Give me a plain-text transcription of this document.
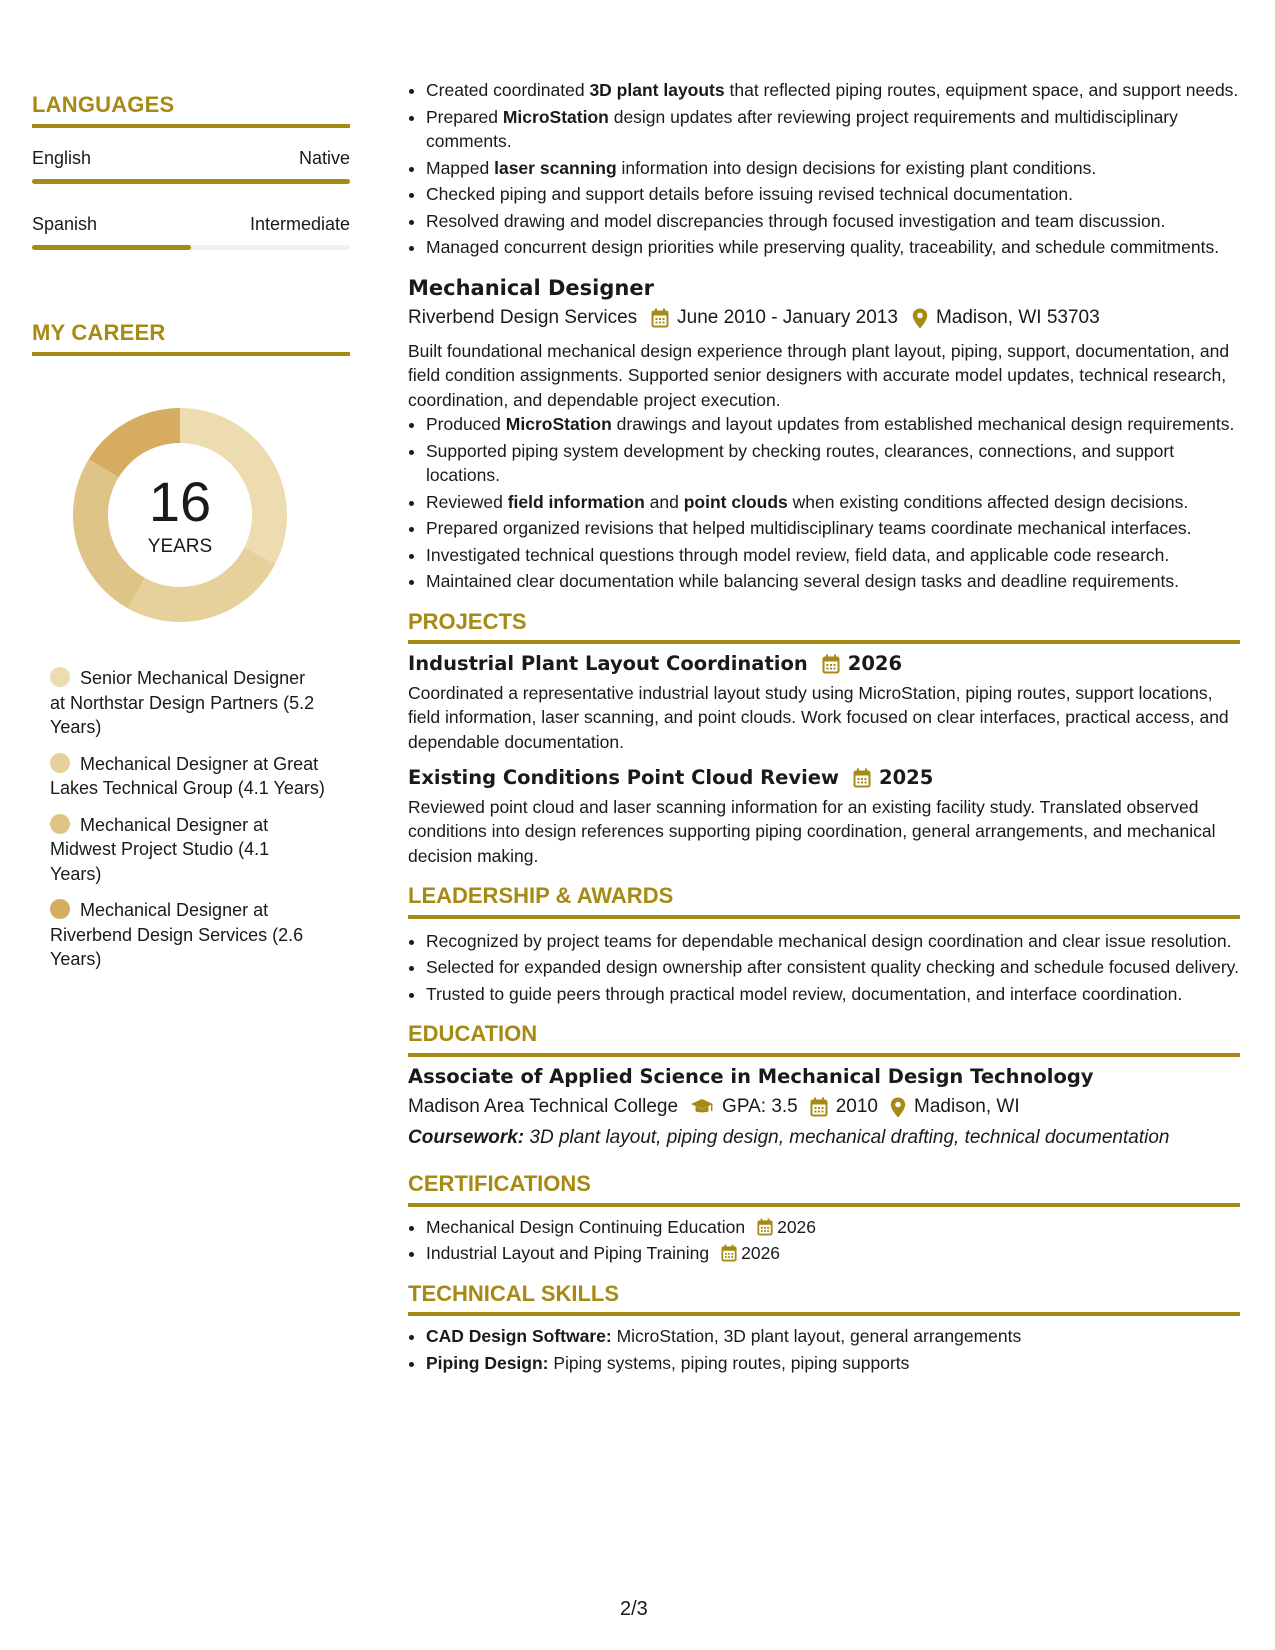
LANGUAGES
English	Native
Spanish	Intermediate
MY CAREER
16
YEARS
Senior Mechanical Designer at Northstar Design Partners (5.2 Years)
Mechanical Designer at Great Lakes Technical Group (4.1 Years)
Mechanical Designer at Midwest Project Studio (4.1 Years)
Mechanical Designer at Riverbend Design Services (2.6 Years)
• Created coordinated 3D plant layouts that reflected piping routes, equipment space, and support needs.
• Prepared MicroStation design updates after reviewing project requirements and multidisciplinary comments.
• Mapped laser scanning information into design decisions for existing plant conditions.
• Checked piping and support details before issuing revised technical documentation.
• Resolved drawing and model discrepancies through focused investigation and team discussion.
• Managed concurrent design priorities while preserving quality, traceability, and schedule commitments.
Mechanical Designer
Riverbend Design Services June 2010 - January 2013 Madison, WI 53703
Built foundational mechanical design experience through plant layout, piping, support, documentation, and field condition assignments. Supported senior designers with accurate model updates, technical research, coordination, and dependable project execution.
• Produced MicroStation drawings and layout updates from established mechanical design requirements.
• Supported piping system development by checking routes, clearances, connections, and support locations.
• Reviewed field information and point clouds when existing conditions affected design decisions.
• Prepared organized revisions that helped multidisciplinary teams coordinate mechanical interfaces.
• Investigated technical questions through model review, field data, and applicable code research.
• Maintained clear documentation while balancing several design tasks and deadline requirements.
PROJECTS
Industrial Plant Layout Coordination 2026
Coordinated a representative industrial layout study using MicroStation, piping routes, support locations, field information, laser scanning, and point clouds. Work focused on clear interfaces, practical access, and dependable documentation.
Existing Conditions Point Cloud Review 2025
Reviewed point cloud and laser scanning information for an existing facility study. Translated observed conditions into design references supporting piping coordination, general arrangements, and mechanical decision making.
LEADERSHIP & AWARDS
• Recognized by project teams for dependable mechanical design coordination and clear issue resolution.
• Selected for expanded design ownership after consistent quality checking and schedule focused delivery.
• Trusted to guide peers through practical model review, documentation, and interface coordination.
EDUCATION
Associate of Applied Science in Mechanical Design Technology
Madison Area Technical College GPA: 3.5 2010 Madison, WI
Coursework: 3D plant layout, piping design, mechanical drafting, technical documentation
CERTIFICATIONS
• Mechanical Design Continuing Education 2026
• Industrial Layout and Piping Training 2026
TECHNICAL SKILLS
• CAD Design Software: MicroStation, 3D plant layout, general arrangements
• Piping Design: Piping systems, piping routes, piping supports
2/3
